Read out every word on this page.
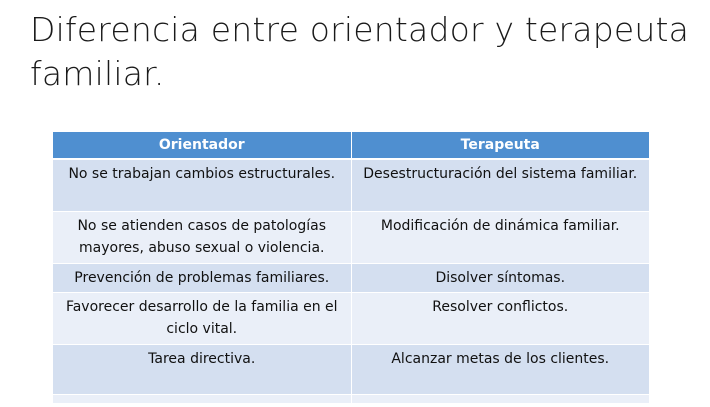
Diferencia entre orientador y terapeuta familiar.
Orientador	Terapeuta
No se trabajan cambios estructurales.	Desestructuración del sistema familiar.
No se atienden casos de patologías mayores, abuso sexual o violencia.	Modificación de dinámica familiar.
Prevención de problemas familiares.	Disolver síntomas.
Favorecer desarrollo de la familia en el ciclo vital.	Resolver conflictos.
Tarea directiva.	Alcanzar metas de los clientes.
